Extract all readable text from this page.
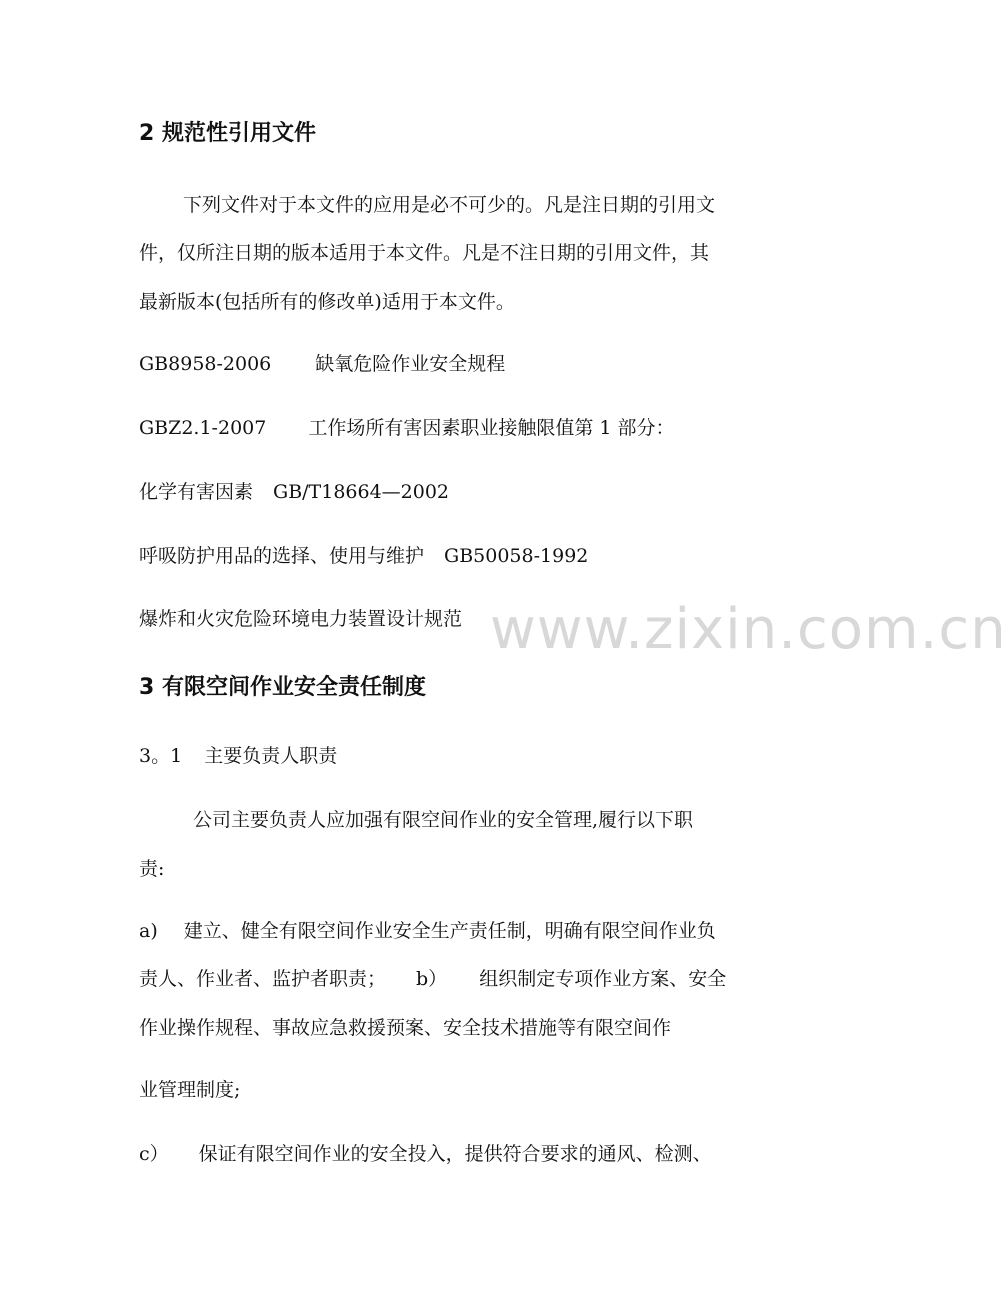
2 规范性引用文件
下列文件对于本文件的应用是必不可少的。凡是注日期的引用文
件，仅所注日期的版本适用于本文件。凡是不注日期的引用文件，其
最新版本(包括所有的修改单)适用于本文件。
GB8958-2006 缺氧危险作业安全规程
GBZ2.1-2007 工作场所有害因素职业接触限值第 1 部分：
化学有害因素 GB/T18664—2002
呼吸防护用品的选择、使用与维护 GB50058-1992
爆炸和火灾危险环境电力装置设计规范
3 有限空间作业安全责任制度
3。1 主要负责人职责
公司主要负责人应加强有限空间作业的安全管理,履行以下职
责:
a) 建立、健全有限空间作业安全生产责任制，明确有限空间作业负
责人、作业者、监护者职责； b） 组织制定专项作业方案、安全
作业操作规程、事故应急救援预案、安全技术措施等有限空间作
业管理制度;
c） 保证有限空间作业的安全投入，提供符合要求的通风、检测、
www.zixin.com.cn
